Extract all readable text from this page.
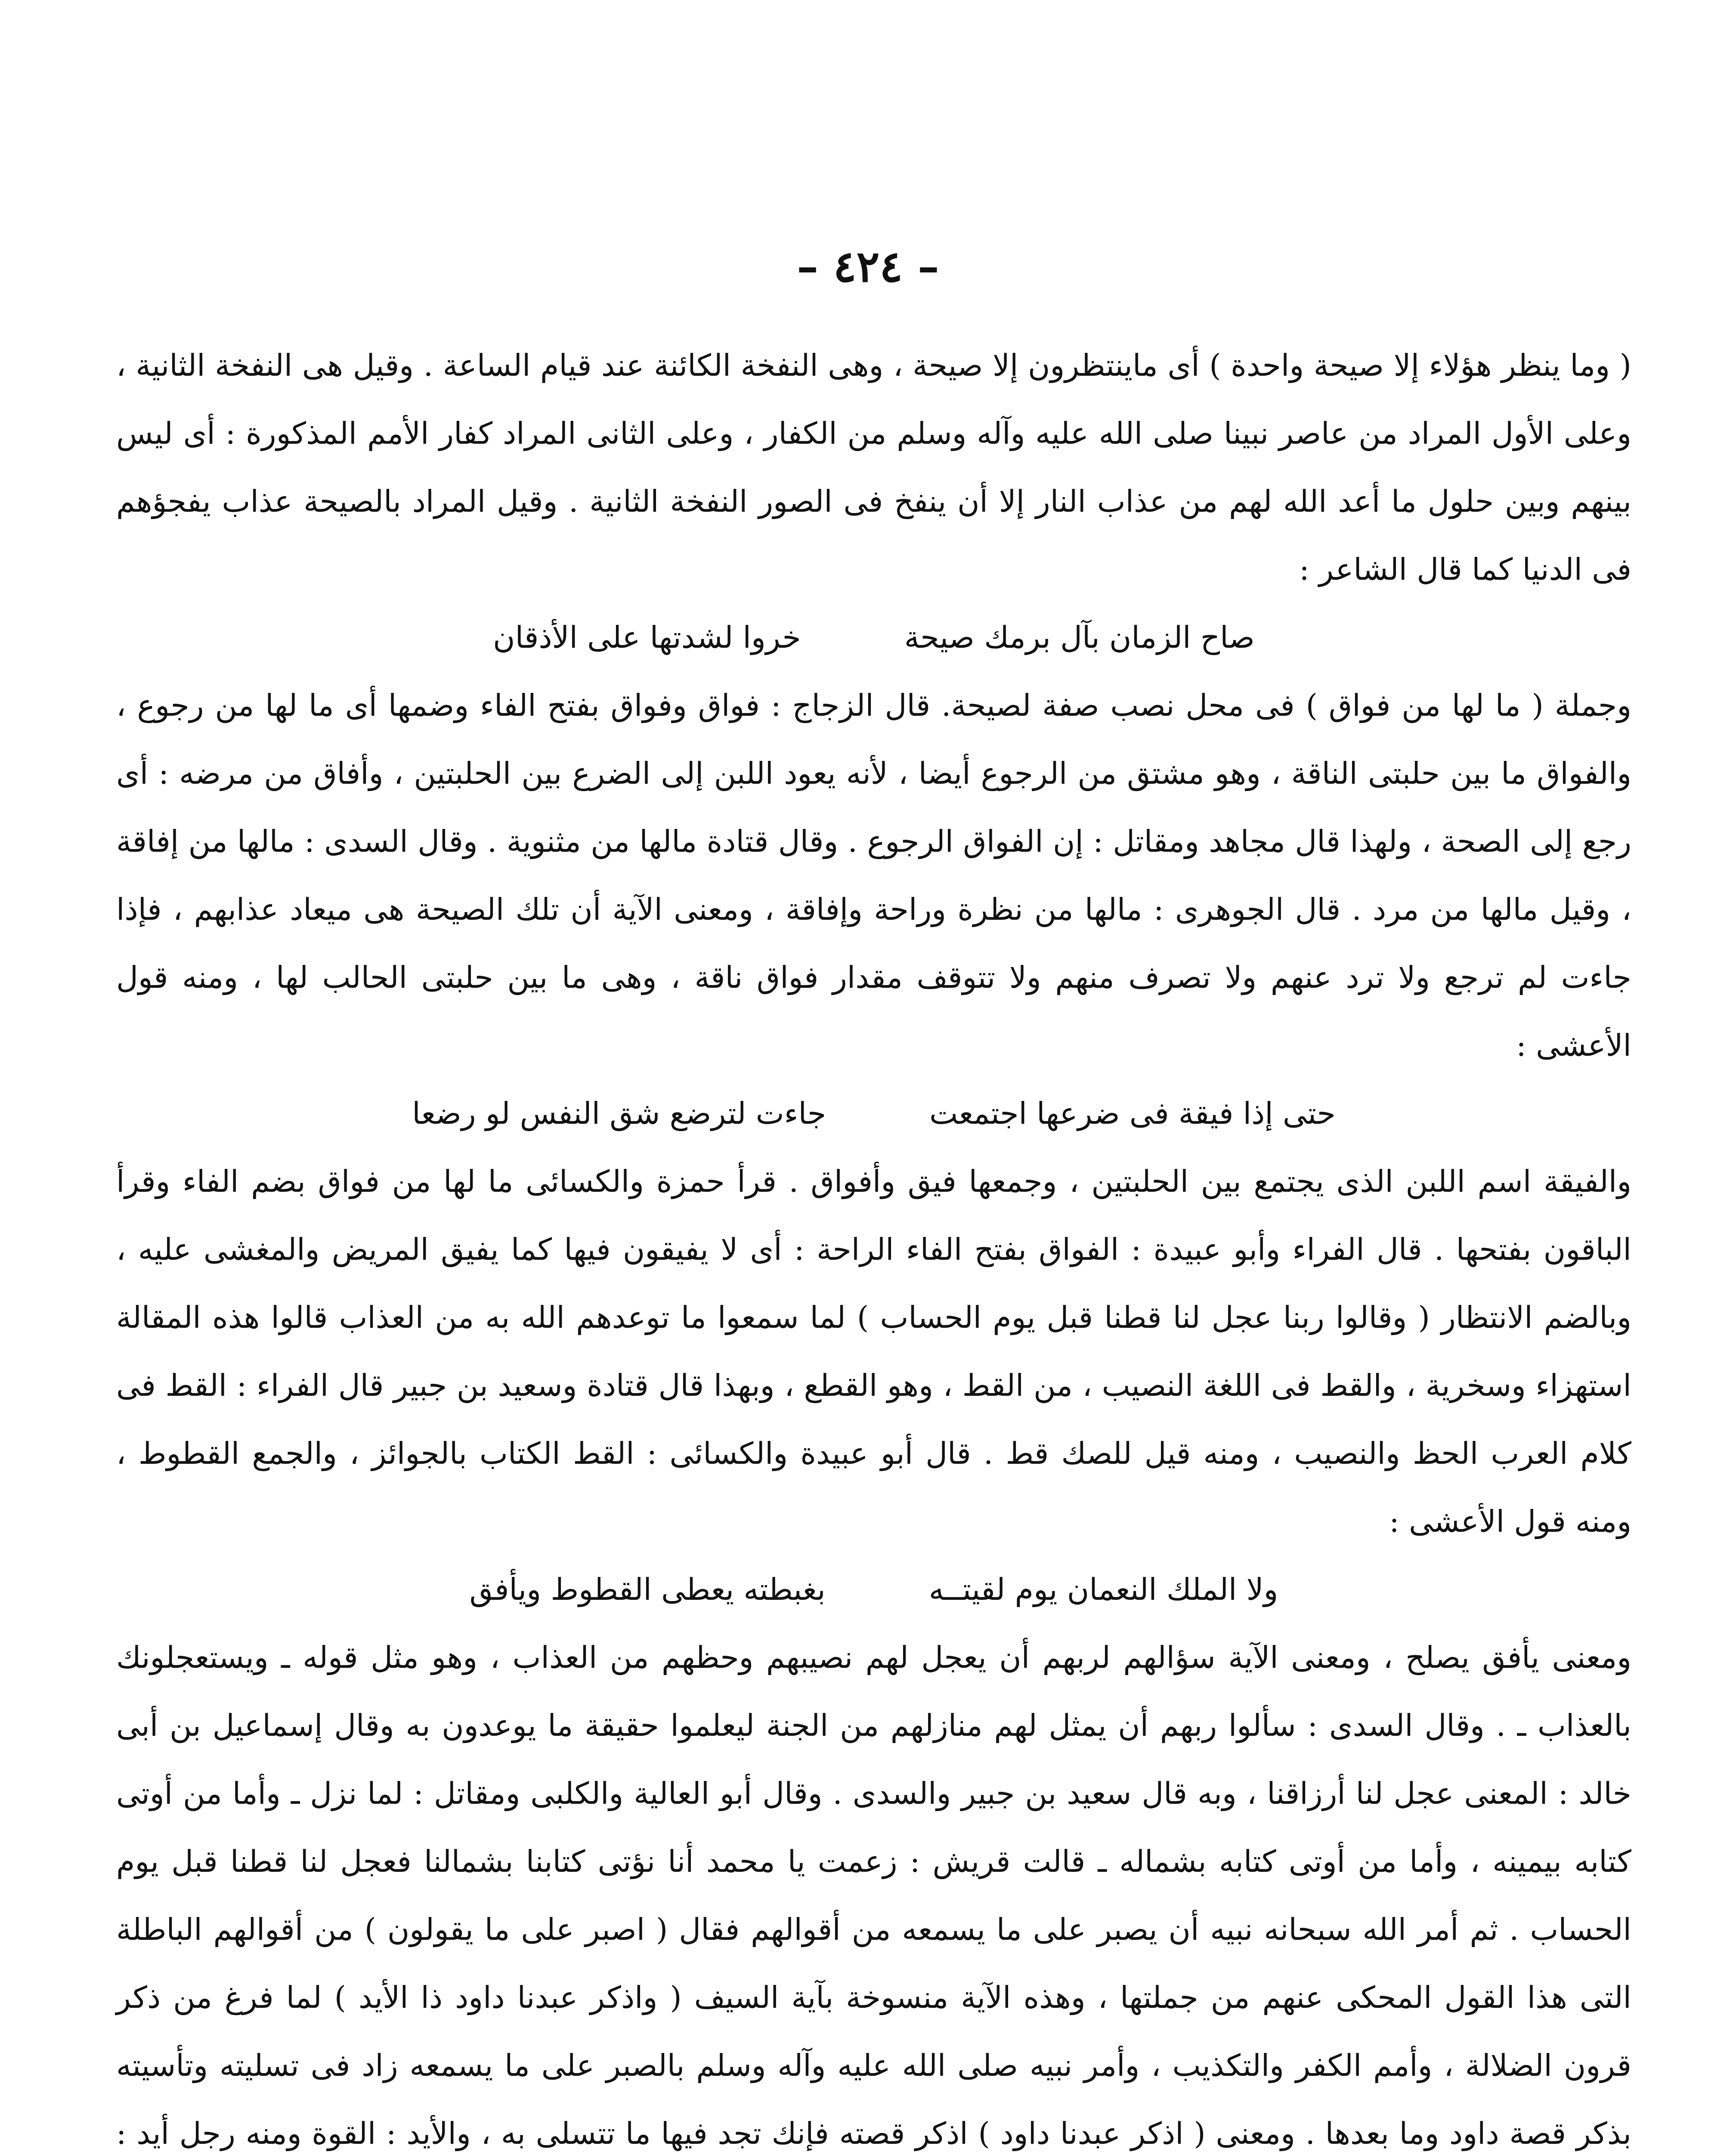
– ٤٢٤ –

( وما ينظر هؤلاء إلا صيحة واحدة ) أى ماينتظرون إلا صيحة ، وهى النفخة الكائنة عند قيام الساعة . وقيل هى النفخة الثانية ، وعلى الأول المراد من عاصر نبينا صلى الله عليه وآله وسلم من الكفار ، وعلى الثانى المراد كفار الأمم المذكورة : أى ليس بينهم وبين حلول ما أعد الله لهم من عذاب النار إلا أن ينفخ فى الصور النفخة الثانية . وقيل المراد بالصيحة عذاب يفجؤهم فى الدنيا كما قال الشاعر :

صاح الزمان بآل برمك صيحة
خروا لشدتها على الأذقان

وجملة ( ما لها من فواق ) فى محل نصب صفة لصيحة. قال الزجاج : فواق وفواق بفتح الفاء وضمها أى ما لها من رجوع ، والفواق ما بين حلبتى الناقة ، وهو مشتق من الرجوع أيضا ، لأنه يعود اللبن إلى الضرع بين الحلبتين ، وأفاق من مرضه : أى رجع إلى الصحة ، ولهذا قال مجاهد ومقاتل : إن الفواق الرجوع . وقال قتادة مالها من مثنوية . وقال السدى : مالها من إفاقة ، وقيل مالها من مرد . قال الجوهرى : مالها من نظرة وراحة وإفاقة ، ومعنى الآية أن تلك الصيحة هى ميعاد عذابهم ، فإذا جاءت لم ترجع ولا ترد عنهم ولا تصرف منهم ولا تتوقف مقدار فواق ناقة ، وهى ما بين حلبتى الحالب لها ، ومنه قول الأعشى :

حتى إذا فيقة فى ضرعها اجتمعت
جاءت لترضع شق النفس لو رضعا

والفيقة اسم اللبن الذى يجتمع بين الحلبتين ، وجمعها فيق وأفواق . قرأ حمزة والكسائى ما لها من فواق بضم الفاء وقرأ الباقون بفتحها . قال الفراء وأبو عبيدة : الفواق بفتح الفاء الراحة : أى لا يفيقون فيها كما يفيق المريض والمغشى عليه ، وبالضم الانتظار ( وقالوا ربنا عجل لنا قطنا قبل يوم الحساب ) لما سمعوا ما توعدهم الله به من العذاب قالوا هذه المقالة استهزاء وسخرية ، والقط فى اللغة النصيب ، من القط ، وهو القطع ، وبهذا قال قتادة وسعيد بن جبير قال الفراء : القط فى كلام العرب الحظ والنصيب ، ومنه قيل للصك قط . قال أبو عبيدة والكسائى : القط الكتاب بالجوائز ، والجمع القطوط ، ومنه قول الأعشى :

ولا الملك النعمان يوم لقيتــه
بغبطته يعطى القطوط ويأفق

ومعنى يأفق يصلح ، ومعنى الآية سؤالهم لربهم أن يعجل لهم نصيبهم وحظهم من العذاب ، وهو مثل قوله ـ ويستعجلونك بالعذاب ـ . وقال السدى : سألوا ربهم أن يمثل لهم منازلهم من الجنة ليعلموا حقيقة ما يوعدون به وقال إسماعيل بن أبى خالد : المعنى عجل لنا أرزاقنا ، وبه قال سعيد بن جبير والسدى . وقال أبو العالية والكلبى ومقاتل : لما نزل ـ وأما من أوتى كتابه بيمينه ، وأما من أوتى كتابه بشماله ـ قالت قريش : زعمت يا محمد أنا نؤتى كتابنا بشمالنا فعجل لنا قطنا قبل يوم الحساب . ثم أمر الله سبحانه نبيه أن يصبر على ما يسمعه من أقوالهم فقال ( اصبر على ما يقولون ) من أقوالهم الباطلة التى هذا القول المحكى عنهم من جملتها ، وهذه الآية منسوخة بآية السيف ( واذكر عبدنا داود ذا الأيد ) لما فرغ من ذكر قرون الضلالة ، وأمم الكفر والتكذيب ، وأمر نبيه صلى الله عليه وآله وسلم بالصبر على ما يسمعه زاد فى تسليته وتأسيته بذكر قصة داود وما بعدها . ومعنى ( اذكر عبدنا داود ) اذكر قصته فإنك تجد فيها ما تتسلى به ، والأيد : القوة ومنه رجل أيد :
